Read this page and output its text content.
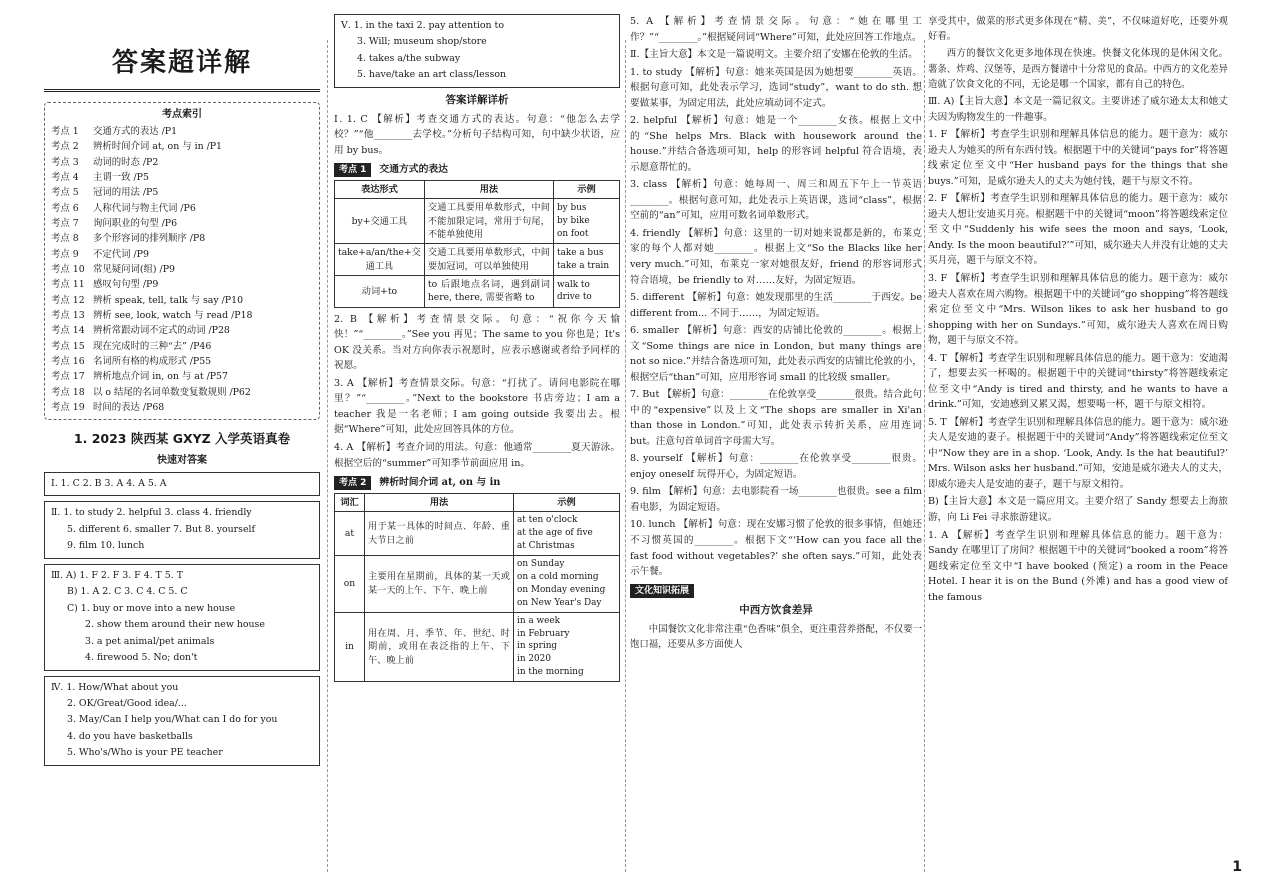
答案超详解
考点索引
考点 1	交通方式的表达 /P1
考点 2	辨析时间介词 at, on 与 in /P1
考点 3	动词的时态 /P2
考点 4	主谓一致 /P5
考点 5	冠词的用法 /P5
考点 6	人称代词与物主代词 /P6
考点 7	询问职业的句型 /P6
考点 8	多个形容词的排列顺序 /P8
考点 9	不定代词 /P9
考点 10 常见疑问词(组) /P9
考点 11 感叹句句型 /P9
考点 12 辨析 speak, tell, talk 与 say /P10
考点 13 辨析 see, look, watch 与 read /P18
考点 14 辨析常跟动词不定式的动词 /P28
考点 15 现在完成时的三种“去” /P46
考点 16 名词所有格的构成形式 /P55
考点 17 辨析地点介词 in, on 与 at /P57
考点 18 以 o 结尾的名词单数变复数规则 /P62
考点 19 时间的表达 /P68
1. 2023 陕西某 GXYZ 入学英语真卷
快速对答案
Ⅰ. 1. C 2. B 3. A 4. A 5. A
Ⅱ. 1. to study 2. helpful 3. class 4. friendly
5. different 6. smaller 7. But 8. yourself
9. film 10. lunch
Ⅲ. A) 1. F 2. F 3. F 4. T 5. T
B) 1. A 2. C 3. C 4. C 5. C
C) 1. buy or move into a new house
2. show them around their new house
3. a pet animal/pet animals
4. firewood 5. No; don't
Ⅳ. 1. How/What about you
2. OK/Great/Good idea/...
3. May/Can I help you/What can I do for you
4. do you have basketballs
5. Who's/Who is your PE teacher
Ⅴ. 1. in the taxi 2. pay attention to
3. Will; museum shop/store
4. takes a/the subway
5. have/take an art class/lesson
答案详解详析

Ⅰ. 1. C 【解析】考查交通方式的表达。句意：“他怎么去学校？”“他________去学校。”分析句子结构可知，句中缺少状语，应用 by bus。

考点 1	交通方式的表达
表达形式	用法	示例
by+交通工具	交通工具要用单数形式，中间不能加限定词，常用于句尾，不能单独使用	by bus
by bike
on foot
take+a/an/the+交通工具	交通工具要用单数形式，中间要加冠词，可以单独使用	take a bus
take a train
动词+to	to 后跟地点名词，遇到副词 here, there, 需要省略 to	walk to
drive to

2. B 【解析】考查情景交际。句意：“祝你今天愉快！”“________。”See you 再见；The same to you 你也是；It's OK 没关系。当对方向你表示祝愿时，应表示感谢或者给予同样的祝愿。

3. A 【解析】考查情景交际。句意：“打扰了。请问电影院在哪里？”“________。”Next to the bookstore 书店旁边；I am a teacher 我是一名老师；I am going outside 我要出去。根据“Where”可知，此处应回答具体的方位。

4. A 【解析】考查介词的用法。句意：他通常________夏天游泳。根据空后的“summer”可知季节前面应用 in。

考点 2	辨析时间介词 at, on 与 in
词汇	用法	示例
at	用于某一具体的时间点、年龄、重大节日之前	at ten o'clock
at the age of five
at Christmas
on	主要用在星期前，具体的某一天或某一天的上午、下午、晚上前	on Sunday
on a cold morning
on Monday evening
on New Year's Day
in	用在周、月、季节、年、世纪、时期前，或用在表泛指的上午、下午、晚上前	in a week
in February
in spring
in 2020
in the morning

5. A 【解析】考查情景交际。句意：“她在哪里工作？”“________。”根据疑问词“Where”可知，此处应回答工作地点。

Ⅱ.【主旨大意】本文是一篇说明文。主要介绍了安娜在伦敦的生活。

1. to study 【解析】句意：她来英国是因为她想要________英语。根据句意可知，此处表示学习，选词“study”，want to do sth. 想要做某事，为固定用法，此处应填动词不定式。

2. helpful 【解析】句意：她是一个________女孩。根据上文中的“She helps Mrs. Black with housework around the house.”并结合备选项可知，help 的形容词 helpful 符合语境，表示愿意帮忙的。

3. class 【解析】句意：她每周一、周三和周五下午上一节英语________。根据句意可知，此处表示上英语课，选词“class”，根据空前的“an”可知，应用可数名词单数形式。

4. friendly 【解析】句意：这里的一切对她来说都是新的，布莱克家的每个人都对她________。根据上文“So the Blacks like her very much.”可知，布莱克一家对她很友好，friend 的形容词形式符合语境，be friendly to 对……友好，为固定短语。

5. different 【解析】句意：她发现那里的生活________于西安。be different from... 不同于……，为固定短语。

6. smaller 【解析】句意：西安的店铺比伦敦的________。根据上文“Some things are nice in London, but many things are not so nice.”并结合备选项可知，此处表示西安的店铺比伦敦的小，根据空后“than”可知，应用形容词 small 的比较级 smaller。

7. But 【解析】句意：________在伦敦享受________很贵。结合此句中的“expensive”以及上文“The shops are smaller in Xi'an than those in London.”可知，此处表示转折关系，应用连词 but。注意句首单词首字母需大写。

8. yourself 【解析】句意：________在伦敦享受________很贵。enjoy oneself 玩得开心，为固定短语。

9. film 【解析】句意：去电影院看一场________也很贵。see a film 看电影，为固定短语。

10. lunch 【解析】句意：现在安娜习惯了伦敦的很多事情，但她还不习惯英国的________。根据下文“‘How can you face all the fast food without vegetables?’ she often says.”可知，此处表示午餐。

文化知识拓展
中西方饮食差异

中国餐饮文化非常注重“色香味”俱全，更注重营养搭配，不仅要一饱口福，还要从多方面使人

享受其中，做菜的形式更多体现在“精、美”，不仅味道好吃，还要外观好看。

西方的餐饮文化更多地体现在快速。快餐文化体现的是休闲文化。薯条、炸鸡、汉堡等，是西方餐谱中十分常见的食品。中西方的文化差异造就了饮食文化的不同，无论是哪一个国家，都有自己的特色。

Ⅲ. A)【主旨大意】本文是一篇记叙文。主要讲述了威尔逊太太和她丈夫因为购物发生的一件趣事。

1. F 【解析】考查学生识别和理解具体信息的能力。题干意为：威尔逊夫人为她买的所有东西付钱。根据题干中的关键词“pays for”将答题线索定位至文中“Her husband pays for the things that she buys.”可知，是威尔逊夫人的丈夫为她付钱，题干与原文不符。

2. F 【解析】考查学生识别和理解具体信息的能力。题干意为：威尔逊夫人想让安迪买月亮。根据题干中的关键词“moon”将答题线索定位至文中“Suddenly his wife sees the moon and says, ‘Look, Andy. Is the moon beautiful?’”可知，威尔逊夫人并没有让她的丈夫买月亮，题干与原文不符。

3. F 【解析】考查学生识别和理解具体信息的能力。题干意为：威尔逊夫人喜欢在周六购物。根据题干中的关键词“go shopping”将答题线索定位至文中“Mrs. Wilson likes to ask her husband to go shopping with her on Sundays.”可知，威尔逊夫人喜欢在周日购物，题干与原文不符。

4. T 【解析】考查学生识别和理解具体信息的能力。题干意为：安迪渴了，想要去买一杯喝的。根据题干中的关键词“thirsty”将答题线索定位至文中“Andy is tired and thirsty, and he wants to have a drink.”可知，安迪感到又累又渴，想要喝一杯，题干与原文相符。

5. T 【解析】考查学生识别和理解具体信息的能力。题干意为：威尔逊夫人是安迪的妻子。根据题干中的关键词“Andy”将答题线索定位至文中“Now they are in a shop. ‘Look, Andy. Is the hat beautiful?’ Mrs. Wilson asks her husband.”可知，安迪是威尔逊夫人的丈夫，即威尔逊夫人是安迪的妻子，题干与原文相符。

B)【主旨大意】本文是一篇应用文。主要介绍了 Sandy 想要去上海旅游，向 Li Fei 寻求旅游建议。

1. A 【解析】考查学生识别和理解具体信息的能力。题干意为：Sandy 在哪里订了房间？根据题干中的关键词“booked a room”将答题线索定位至文中“I have booked (预定) a room in the Peace Hotel. I hear it is on the Bund (外滩) and has a good view of the famous

1
